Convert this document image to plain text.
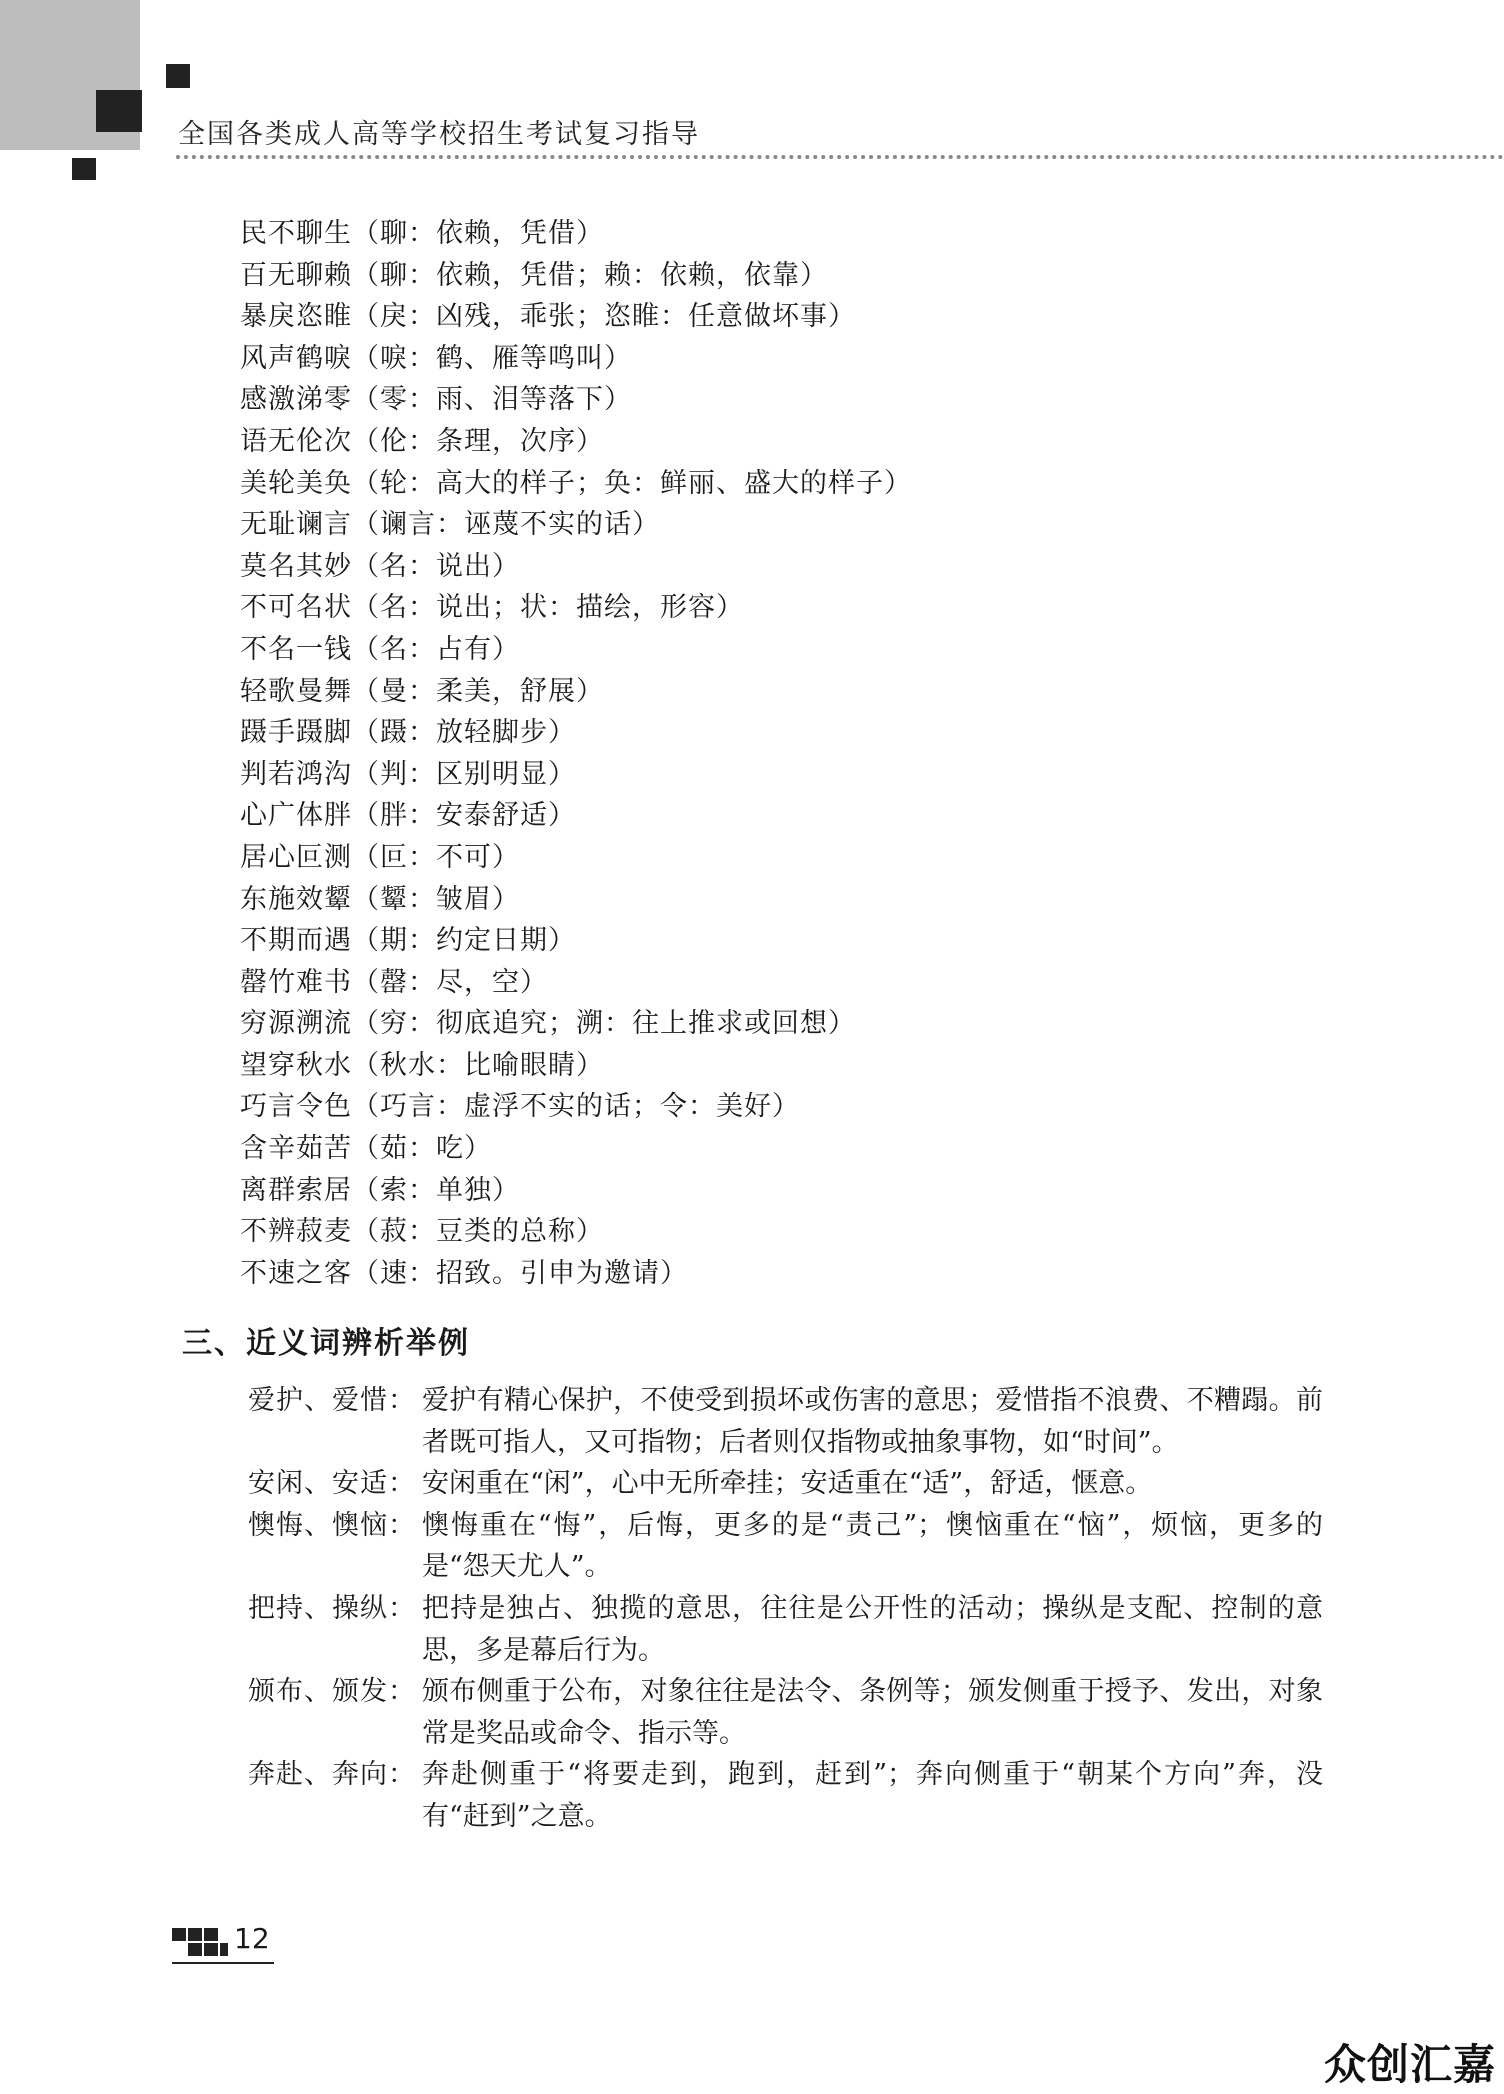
全国各类成人高等学校招生考试复习指导
民不聊生（聊：依赖，凭借）
百无聊赖（聊：依赖，凭借；赖：依赖，依靠）
暴戾恣睢（戾：凶残，乖张；恣睢：任意做坏事）
风声鹤唳（唳：鹤、雁等鸣叫）
感激涕零（零：雨、泪等落下）
语无伦次（伦：条理，次序）
美轮美奂（轮：高大的样子；奂：鲜丽、盛大的样子）
无耻谰言（谰言：诬蔑不实的话）
莫名其妙（名：说出）
不可名状（名：说出；状：描绘，形容）
不名一钱（名：占有）
轻歌曼舞（曼：柔美，舒展）
蹑手蹑脚（蹑：放轻脚步）
判若鸿沟（判：区别明显）
心广体胖（胖：安泰舒适）
居心叵测（叵：不可）
东施效颦（颦：皱眉）
不期而遇（期：约定日期）
罄竹难书（罄：尽，空）
穷源溯流（穷：彻底追究；溯：往上推求或回想）
望穿秋水（秋水：比喻眼睛）
巧言令色（巧言：虚浮不实的话；令：美好）
含辛茹苦（茹：吃）
离群索居（索：单独）
不辨菽麦（菽：豆类的总称）
不速之客（速：招致。引申为邀请）
三、近义词辨析举例
爱护、爱惜： 爱护有精心保护，不使受到损坏或伤害的意思；爱惜指不浪费、不糟蹋。前者既可指人，又可指物；后者则仅指物或抽象事物，如“时间”。
安闲、安适： 安闲重在“闲”，心中无所牵挂；安适重在“适”，舒适，惬意。
懊悔、懊恼： 懊悔重在“悔”，后悔，更多的是“责己”；懊恼重在“恼”，烦恼，更多的是“怨天尤人”。
把持、操纵： 把持是独占、独揽的意思，往往是公开性的活动；操纵是支配、控制的意思，多是幕后行为。
颁布、颁发： 颁布侧重于公布，对象往往是法令、条例等；颁发侧重于授予、发出，对象常是奖品或命令、指示等。
奔赴、奔向： 奔赴侧重于“将要走到，跑到，赶到”；奔向侧重于“朝某个方向”奔，没有“赶到”之意。
12
众创汇嘉
